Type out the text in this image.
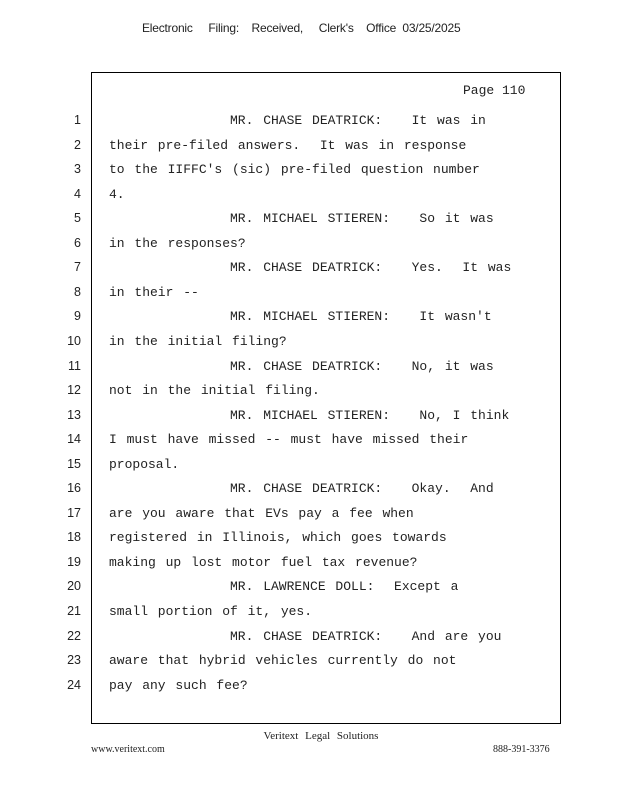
Electronic     Filing:    Received,     Clerk's    Office  03/25/2025
Page 110
1	MR. CHASE DEATRICK:   It was in
2 their pre-filed answers.  It was in response
3 to the IIFFC's (sic) pre-filed question number
4 4.
5	MR. MICHAEL STIEREN:   So it was
6 in the responses?
7	MR. CHASE DEATRICK:   Yes.  It was
8 in their --
9	MR. MICHAEL STIEREN:   It wasn't
10 in the initial filing?
11	MR. CHASE DEATRICK:   No, it was
12 not in the initial filing.
13	MR. MICHAEL STIEREN:   No, I think
14 I must have missed -- must have missed their
15 proposal.
16	MR. CHASE DEATRICK:   Okay.  And
17 are you aware that EVs pay a fee when
18 registered in Illinois, which goes towards
19 making up lost motor fuel tax revenue?
20	MR. LAWRENCE DOLL:  Except a
21 small portion of it, yes.
22	MR. CHASE DEATRICK:   And are you
23 aware that hybrid vehicles currently do not
24 pay any such fee?
Veritext Legal Solutions
www.veritext.com	888-391-3376
